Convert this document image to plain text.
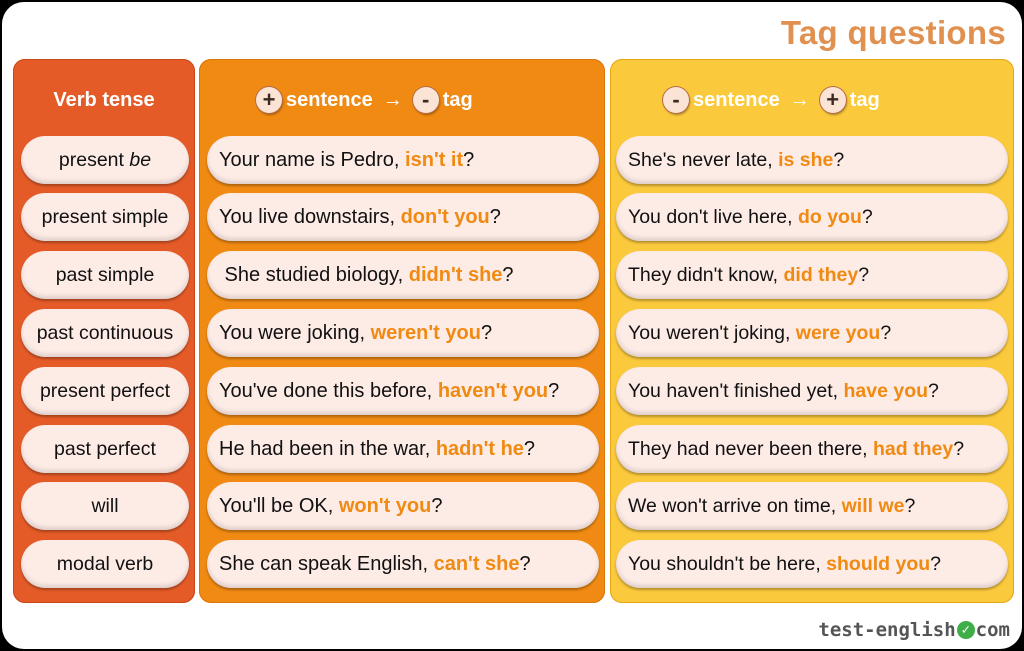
Tag questions
Verb tense
present be
present simple
past simple
past continuous
present perfect
past perfect
will
modal verb
+ sentence → - tag
Your name is Pedro, isn't it ?
You live downstairs, don't you ?
She studied biology, didn't she ?
You were joking, weren't you ?
You've done this before, haven't you ?
He had been in the war, hadn't he ?
You'll be OK, won't you ?
She can speak English, can't she ?
- sentence → + tag
She's never late, is she ?
You don't live here, do you ?
They didn't know, did they ?
You weren't joking, were you ?
You haven't finished yet, have you ?
They had never been there, had they ?
We won't arrive on time, will we ?
You shouldn't be here, should you ?
test-english ✓ com
